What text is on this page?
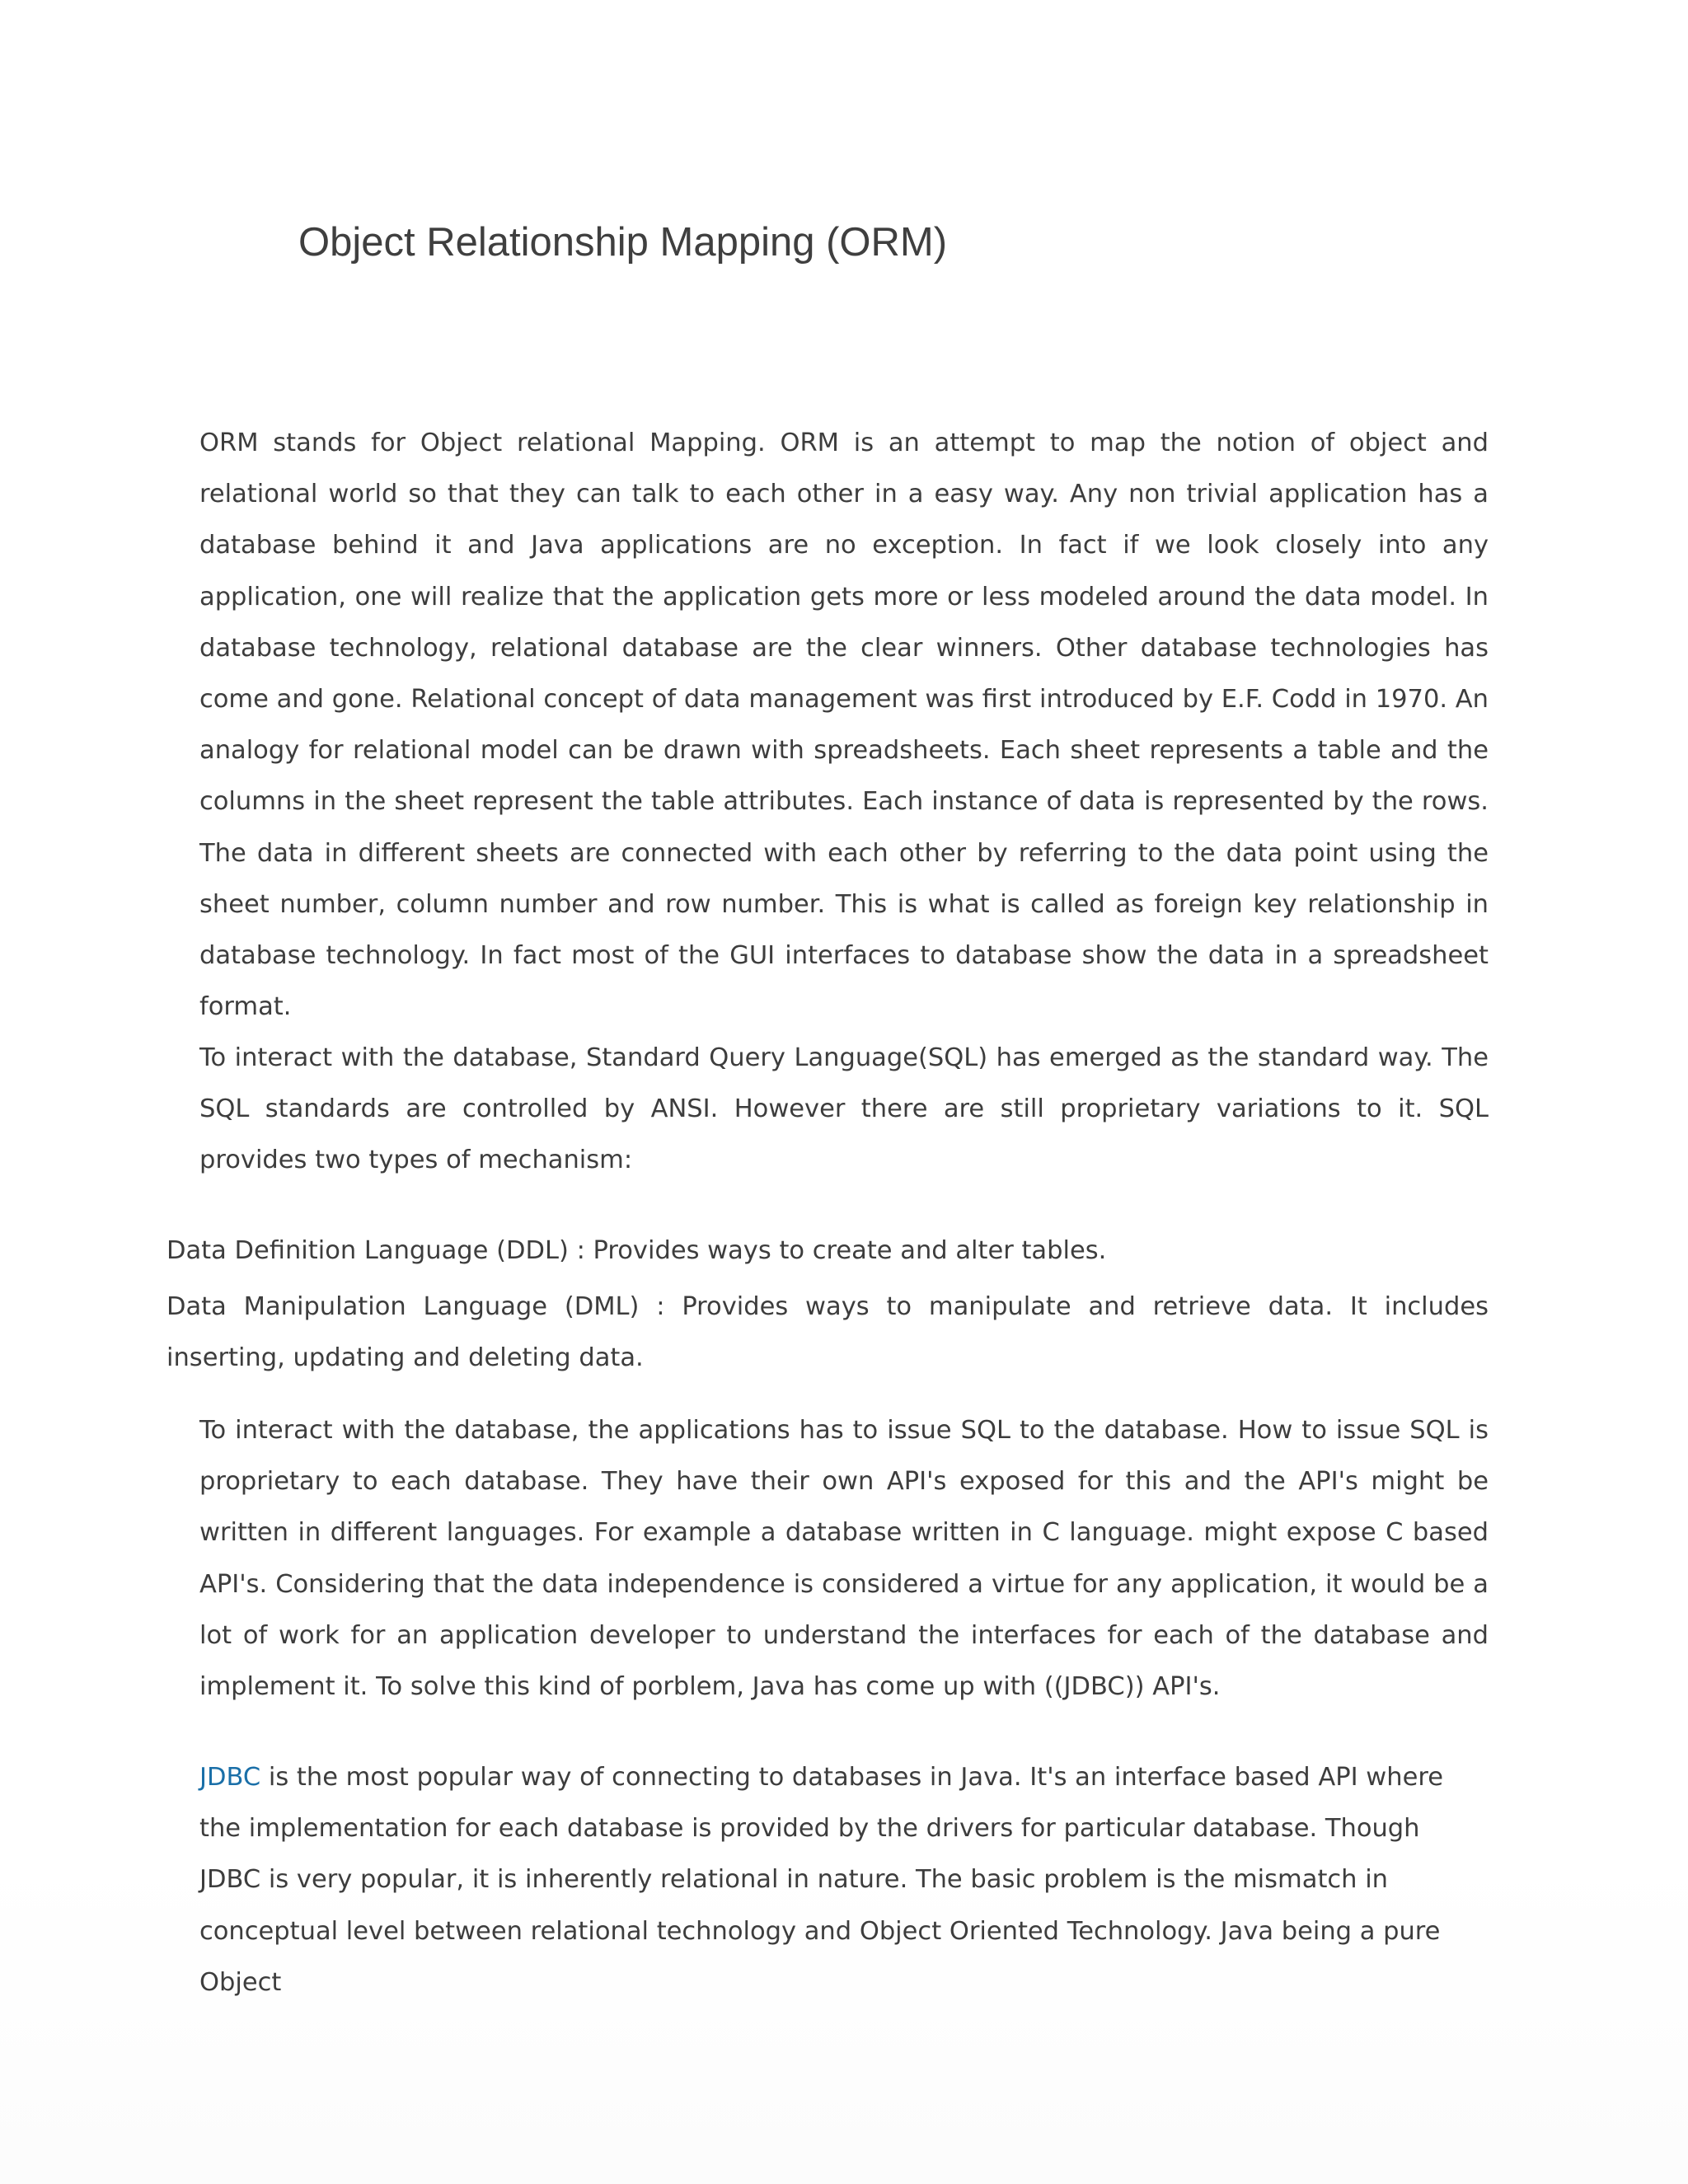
Object Relationship Mapping (ORM)

ORM stands for Object relational Mapping. ORM is an attempt to map the notion of object and relational world so that they can talk to each other in a easy way. Any non trivial application has a database behind it and Java applications are no exception. In fact if we look closely into any application, one will realize that the application gets more or less modeled around the data model. In database technology, relational database are the clear winners. Other database technologies has come and gone. Relational concept of data management was first introduced by E.F. Codd in 1970. An analogy for relational model can be drawn with spreadsheets. Each sheet represents a table and the columns in the sheet represent the table attributes. Each instance of data is represented by the rows. The data in different sheets are connected with each other by referring to the data point using the sheet number, column number and row number. This is what is called as foreign key relationship in database technology. In fact most of the GUI interfaces to database show the data in a spreadsheet format.

To interact with the database, Standard Query Language(SQL) has emerged as the standard way. The SQL standards are controlled by ANSI. However there are still proprietary variations to it. SQL provides two types of mechanism:

Data Definition Language (DDL) : Provides ways to create and alter tables.

Data Manipulation Language (DML) : Provides ways to manipulate and retrieve data. It includes inserting, updating and deleting data.

To interact with the database, the applications has to issue SQL to the database. How to issue SQL is proprietary to each database. They have their own API's exposed for this and the API's might be written in different languages. For example a database written in C language. might expose C based API's. Considering that the data independence is considered a virtue for any application, it would be a lot of work for an application developer to understand the interfaces for each of the database and implement it. To solve this kind of porblem, Java has come up with ((JDBC)) API's.

JDBC is the most popular way of connecting to databases in Java. It's an interface based API where the implementation for each database is provided by the drivers for particular database. Though JDBC is very popular, it is inherently relational in nature. The basic problem is the mismatch in conceptual level between relational technology and Object Oriented Technology. Java being a pure Object
